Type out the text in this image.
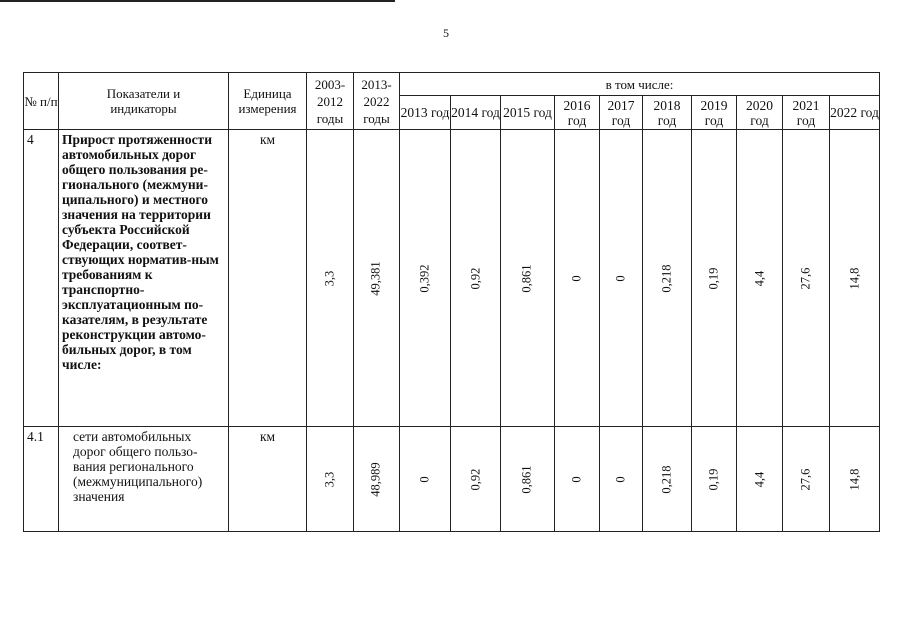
5
№ п/п	Показатели и индикаторы	Единица измерения	2003-2012 годы	2013-2022 годы	в том числе:									
					2013 год	2014 год	2015 год	2016 год	2017 год	2018 год	2019 год	2020 год	2021 год	2022 год
4	Прирост протяженности автомобильных дорог общего пользования ре-гионального (межмуни-ципального) и местного значения на территории субъекта Российской Федерации, соответ-ствующих норматив-ным требованиям к транспортно-эксплуатационным по-казателям, в результате реконструкции автомо-бильных дорог, в том числе:	км	3,3	49,381	0,392	0,92	0,861	0	0	0,218	0,19	4,4	27,6	14,8
4.1	сети автомобильных дорог общего пользо-вания регионального (межмуниципального) значения	км	3,3	48,989	0	0,92	0,861	0	0	0,218	0,19	4,4	27,6	14,8
